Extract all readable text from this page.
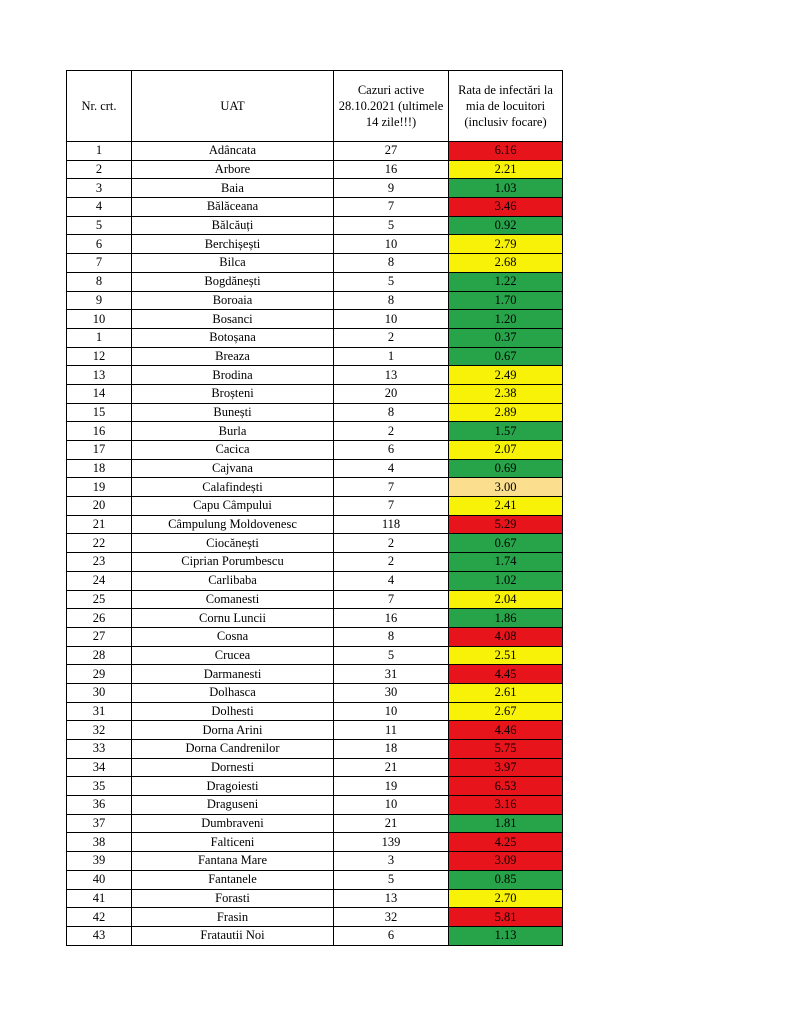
Nr. crt.	UAT	Cazuri active 28.10.2021 (ultimele 14 zile!!!)	Rata de infectări la mia de locuitori (inclusiv focare)
1	Adâncata	27	6.16
2	Arbore	16	2.21
3	Baia	9	1.03
4	Bălăceana	7	3.46
5	Bălcăuți	5	0.92
6	Berchișești	10	2.79
7	Bilca	8	2.68
8	Bogdănești	5	1.22
9	Boroaia	8	1.70
10	Bosanci	10	1.20
1	Botoșana	2	0.37
12	Breaza	1	0.67
13	Brodina	13	2.49
14	Broșteni	20	2.38
15	Bunești	8	2.89
16	Burla	2	1.57
17	Cacica	6	2.07
18	Cajvana	4	0.69
19	Calafindești	7	3.00
20	Capu Câmpului	7	2.41
21	Câmpulung Moldovenesc	118	5.29
22	Ciocănești	2	0.67
23	Ciprian Porumbescu	2	1.74
24	Carlibaba	4	1.02
25	Comanesti	7	2.04
26	Cornu Luncii	16	1.86
27	Cosna	8	4.08
28	Crucea	5	2.51
29	Darmanesti	31	4.45
30	Dolhasca	30	2.61
31	Dolhesti	10	2.67
32	Dorna Arini	11	4.46
33	Dorna Candrenilor	18	5.75
34	Dornesti	21	3.97
35	Dragoiesti	19	6.53
36	Draguseni	10	3.16
37	Dumbraveni	21	1.81
38	Falticeni	139	4.25
39	Fantana Mare	3	3.09
40	Fantanele	5	0.85
41	Forasti	13	2.70
42	Frasin	32	5.81
43	Fratautii Noi	6	1.13
